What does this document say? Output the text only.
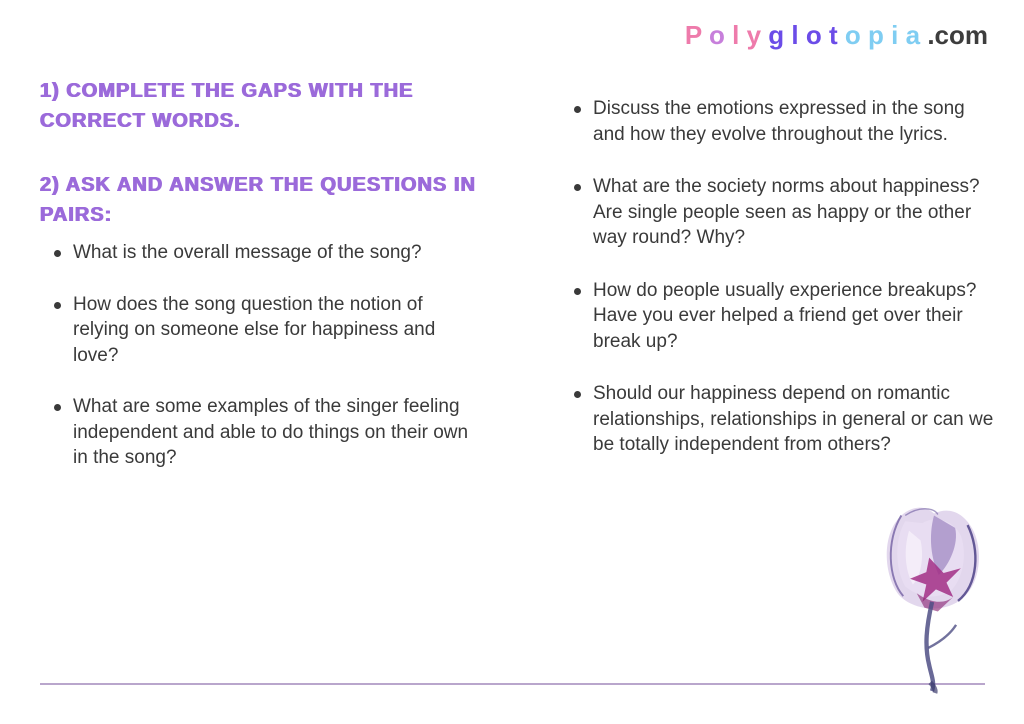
P o l y g l o t o p i a .com
1) COMPLETE THE GAPS WITH THE CORRECT WORDS.
2) ASK AND ANSWER THE QUESTIONS IN PAIRS:
What is the overall message of the song?
How does the song question the notion of relying on someone else for happiness and love?
What are some examples of the singer feeling independent and able to do things on their own in the song?
Discuss the emotions expressed in the song and how they evolve throughout the lyrics.
What are the society norms about happiness? Are single people seen as happy or the other way round? Why?
How do people usually experience breakups? Have you ever helped a friend get over their break up?
Should our happiness depend on romantic relationships, relationships in general or can we be totally independent from others?
